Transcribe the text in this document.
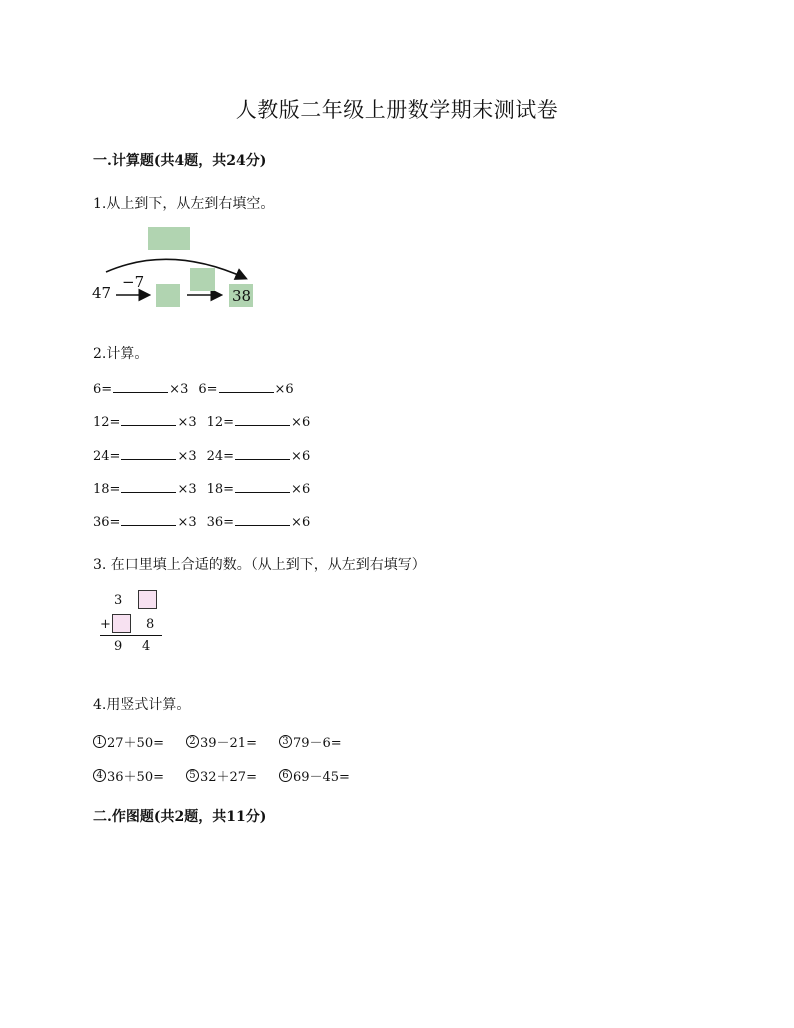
人教版二年级上册数学期末测试卷
一.计算题(共4题，共24分)
1.从上到下，从左到右填空。
47
−7
38
2.计算。
6=	×3 6=	×6
12=	×3 12=	×6
24=	×3 24=	×6
18=	×3 18=	×6
36=	×3 36=	×6
3. 在口里填上合适的数。（从上到下，从左到右填写）
3
+	8
9 4
4.用竖式计算。
1 27＋50=	2 39－21=	3 79－6=
4 36＋50=	5 32＋27=	6 69－45=
二.作图题(共2题，共11分)
